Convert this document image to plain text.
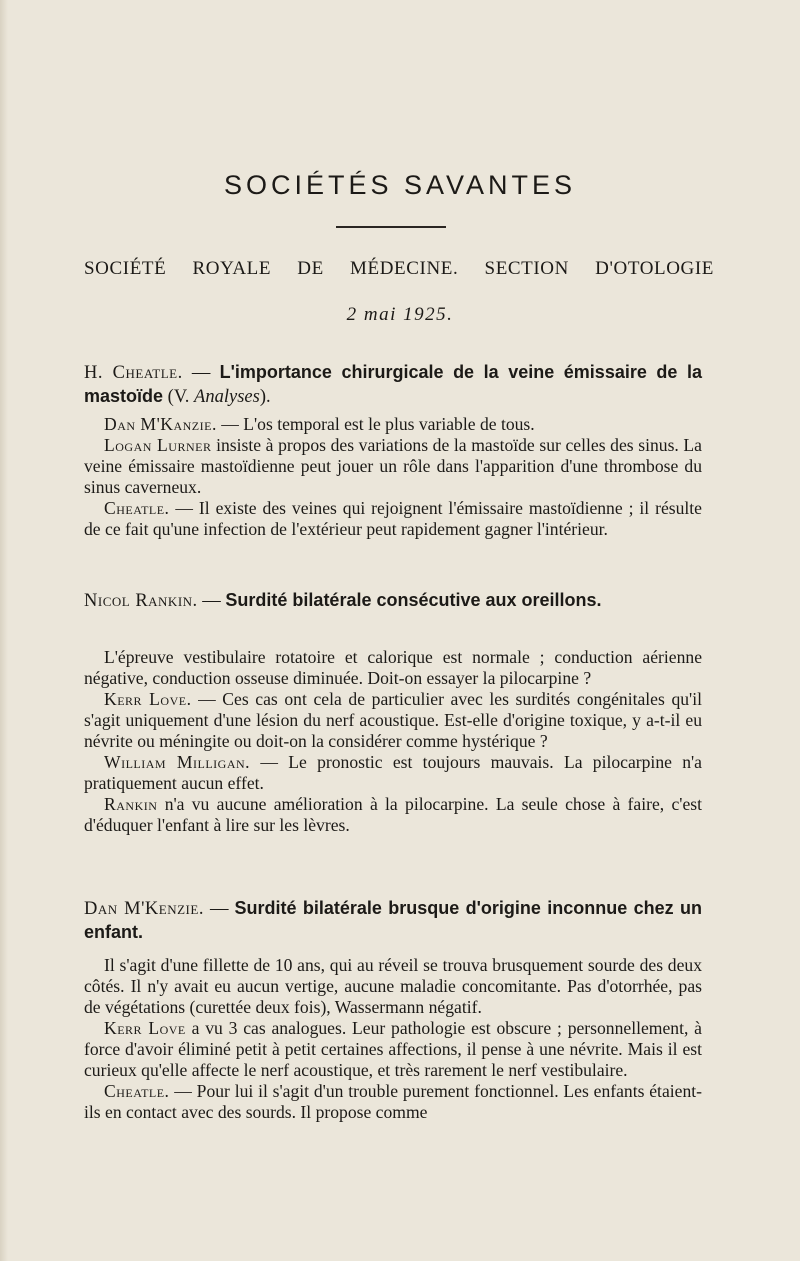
SOCIÉTÉS SAVANTES
SOCIÉTÉ ROYALE DE MÉDECINE. SECTION D'OTOLOGIE
2 mai 1925.
H. Cheatle. — L'importance chirurgicale de la veine émissaire de la mastoïde (V. Analyses).

Dan M'Kanzie. — L'os temporal est le plus variable de tous.

Logan Lurner insiste à propos des variations de la mastoïde sur celles des sinus. La veine émissaire mastoïdienne peut jouer un rôle dans l'apparition d'une thrombose du sinus caverneux.

Cheatle. — Il existe des veines qui rejoignent l'émissaire mastoïdienne ; il résulte de ce fait qu'une infection de l'extérieur peut rapidement gagner l'intérieur.

Nicol Rankin. — Surdité bilatérale consécutive aux oreillons.

L'épreuve vestibulaire rotatoire et calorique est normale ; conduction aérienne négative, conduction osseuse diminuée. Doit-on essayer la pilocarpine ?

Kerr Love. — Ces cas ont cela de particulier avec les surdités congénitales qu'il s'agit uniquement d'une lésion du nerf acoustique. Est-elle d'origine toxique, y a-t-il eu névrite ou méningite ou doit-on la considérer comme hystérique ?

William Milligan. — Le pronostic est toujours mauvais. La pilocarpine n'a pratiquement aucun effet.

Rankin n'a vu aucune amélioration à la pilocarpine. La seule chose à faire, c'est d'éduquer l'enfant à lire sur les lèvres.

Dan M'Kenzie. — Surdité bilatérale brusque d'origine inconnue chez un enfant.

Il s'agit d'une fillette de 10 ans, qui au réveil se trouva brusquement sourde des deux côtés. Il n'y avait eu aucun vertige, aucune maladie concomitante. Pas d'otorrhée, pas de végétations (curettée deux fois), Wassermann négatif.

Kerr Love a vu 3 cas analogues. Leur pathologie est obscure ; personnellement, à force d'avoir éliminé petit à petit certaines affections, il pense à une névrite. Mais il est curieux qu'elle affecte le nerf acoustique, et très rarement le nerf vestibulaire.

Cheatle. — Pour lui il s'agit d'un trouble purement fonctionnel. Les enfants étaient-ils en contact avec des sourds. Il propose comme
